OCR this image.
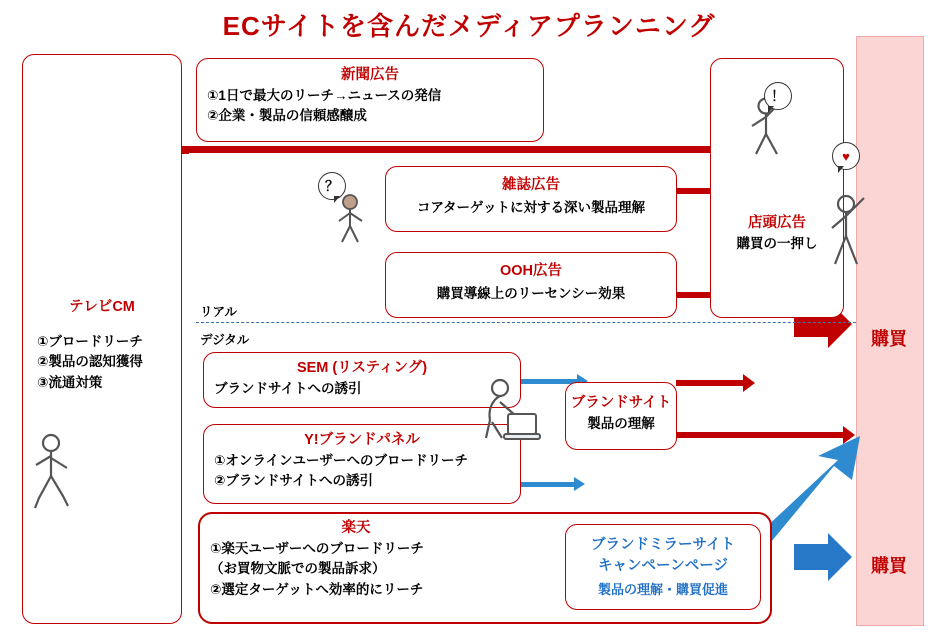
ECサイトを含んだメディアプランニング
購買
購買
テレビCM
①ブロードリーチ
②製品の認知獲得
③流通対策
新聞広告
①1日で最大のリーチ→ニュースの発信
②企業・製品の信頼感醸成
雑誌広告
コアターゲットに対する深い製品理解
OOH広告
購買導線上のリーセンシー効果
リアル
デジタル
SEM (リスティング)
ブランドサイトへの誘引
Y!ブランドパネル
①オンラインユーザーへのブロードリーチ
②ブランドサイトへの誘引
楽天
①楽天ユーザーへのブロードリーチ
（お買物文脈での製品訴求）
②選定ターゲットへ効率的にリーチ
店頭広告
購買の一押し
！
♥
？
ブランドサイト
製品の理解
ブランドミラーサイト
キャンペーンページ
製品の理解・購買促進
